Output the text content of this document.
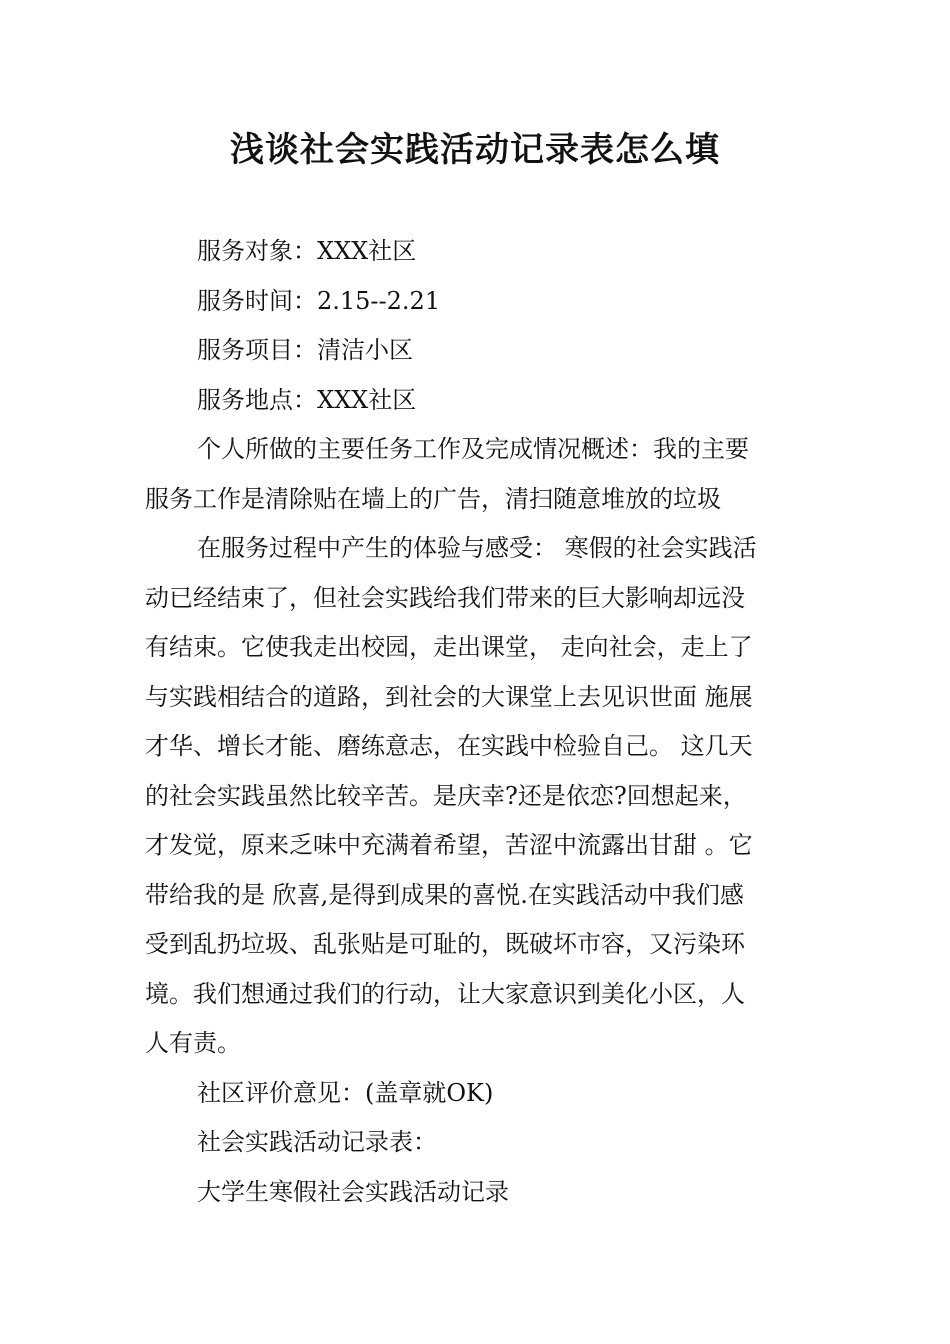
浅谈社会实践活动记录表怎么填
服务对象：XXX社区
服务时间：2.15--2.21
服务项目：清洁小区
服务地点：XXX社区
个人所做的主要任务工作及完成情况概述：我的主要
服务工作是清除贴在墙上的广告，清扫随意堆放的垃圾
在服务过程中产生的体验与感受： 寒假的社会实践活
动已经结束了，但社会实践给我们带来的巨大影响却远没
有结束。它使我走出校园，走出课堂， 走向社会，走上了
与实践相结合的道路，到社会的大课堂上去见识世面 施展
才华、增长才能、磨练意志，在实践中检验自己。 这几天
的社会实践虽然比较辛苦。是庆幸?还是依恋?回想起来，
才发觉，原来乏味中充满着希望，苦涩中流露出甘甜 。它
带给我的是 欣喜,是得到成果的喜悦.在实践活动中我们感
受到乱扔垃圾、乱张贴是可耻的，既破坏市容，又污染环
境。我们想通过我们的行动，让大家意识到美化小区，人
人有责。
社区评价意见：(盖章就OK)
社会实践活动记录表：
大学生寒假社会实践活动记录
